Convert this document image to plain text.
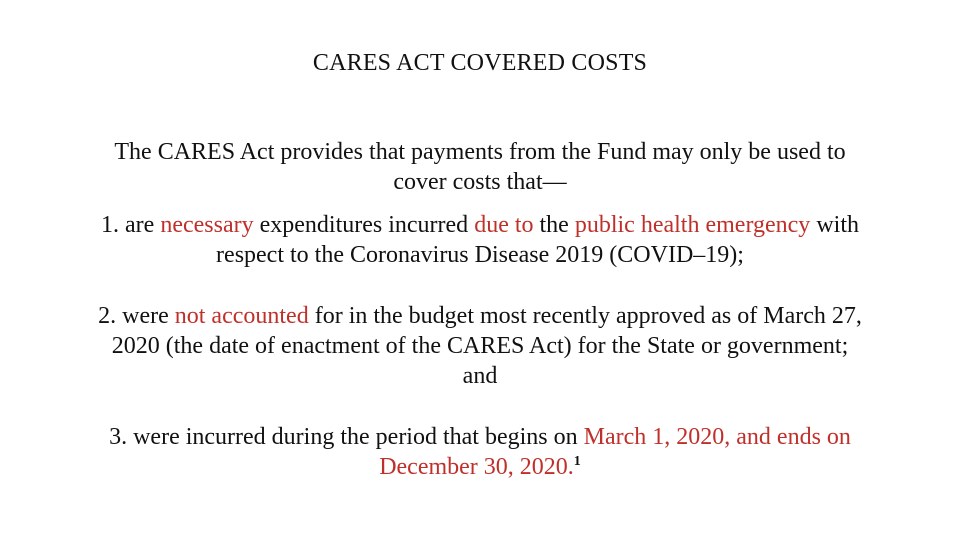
CARES ACT COVERED COSTS
The CARES Act provides that payments from the Fund may only be used to
cover costs that—
1. are necessary expenditures incurred due to the public health emergency with
respect to the Coronavirus Disease 2019 (COVID–19);
2. were not accounted for in the budget most recently approved as of March 27,
2020 (the date of enactment of the CARES Act) for the State or government;
and
3. were incurred during the period that begins on March 1, 2020, and ends on
December 30, 2020.$^1$
